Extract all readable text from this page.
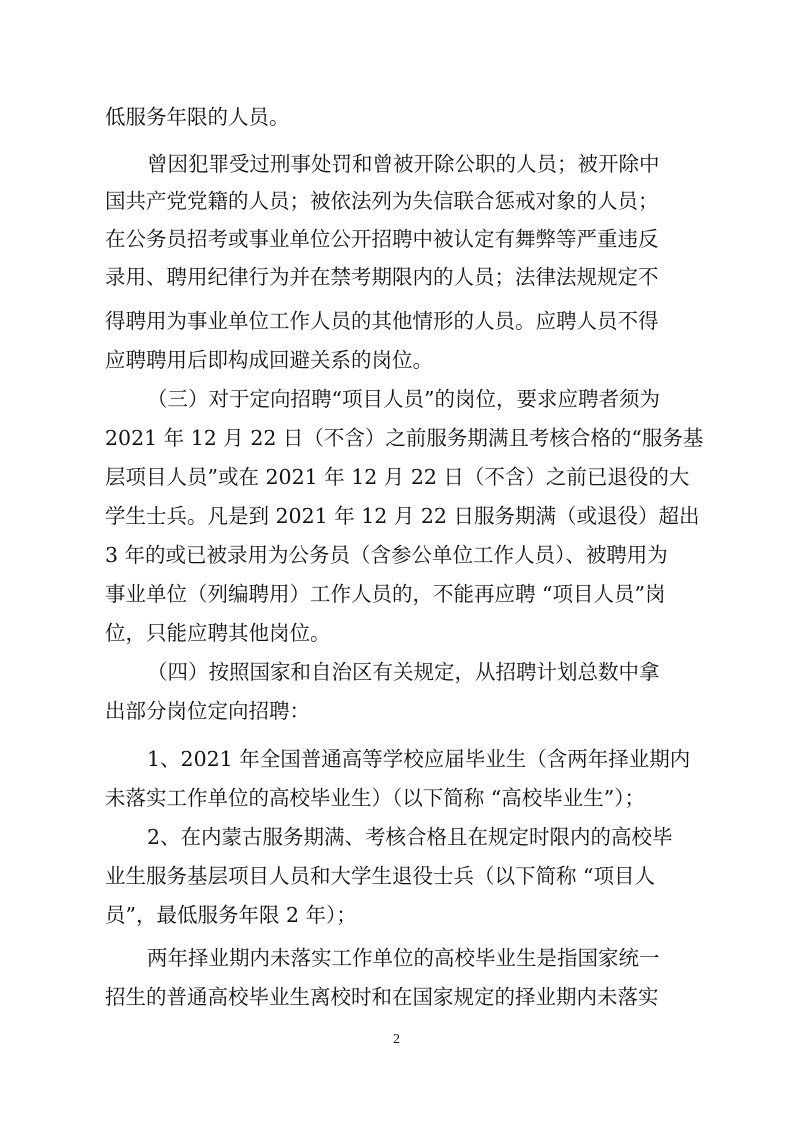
低服务年限的人员。
曾因犯罪受过刑事处罚和曾被开除公职的人员；被开除中
国共产党党籍的人员；被依法列为失信联合惩戒对象的人员；
在公务员招考或事业单位公开招聘中被认定有舞弊等严重违反
录用、聘用纪律行为并在禁考期限内的人员；法律法规规定不
得聘用为事业单位工作人员的其他情形的人员。应聘人员不得
应聘聘用后即构成回避关系的岗位。
（三）对于定向招聘“项目人员”的岗位，要求应聘者须为
2021 年 12 月 22 日（不含）之前服务期满且考核合格的“服务基
层项目人员”或在 2021 年 12 月 22 日（不含）之前已退役的大
学生士兵。凡是到 2021 年 12 月 22 日服务期满（或退役）超出
3 年的或已被录用为公务员（含参公单位工作人员）、被聘用为
事业单位（列编聘用）工作人员的，不能再应聘 “项目人员”岗
位，只能应聘其他岗位。
（四）按照国家和自治区有关规定，从招聘计划总数中拿
出部分岗位定向招聘：
1、2021 年全国普通高等学校应届毕业生（含两年择业期内
未落实工作单位的高校毕业生）（以下简称 “高校毕业生”）；
2、在内蒙古服务期满、考核合格且在规定时限内的高校毕
业生服务基层项目人员和大学生退役士兵（以下简称 “项目人
员”，最低服务年限 2 年）；
两年择业期内未落实工作单位的高校毕业生是指国家统一
招生的普通高校毕业生离校时和在国家规定的择业期内未落实
2
